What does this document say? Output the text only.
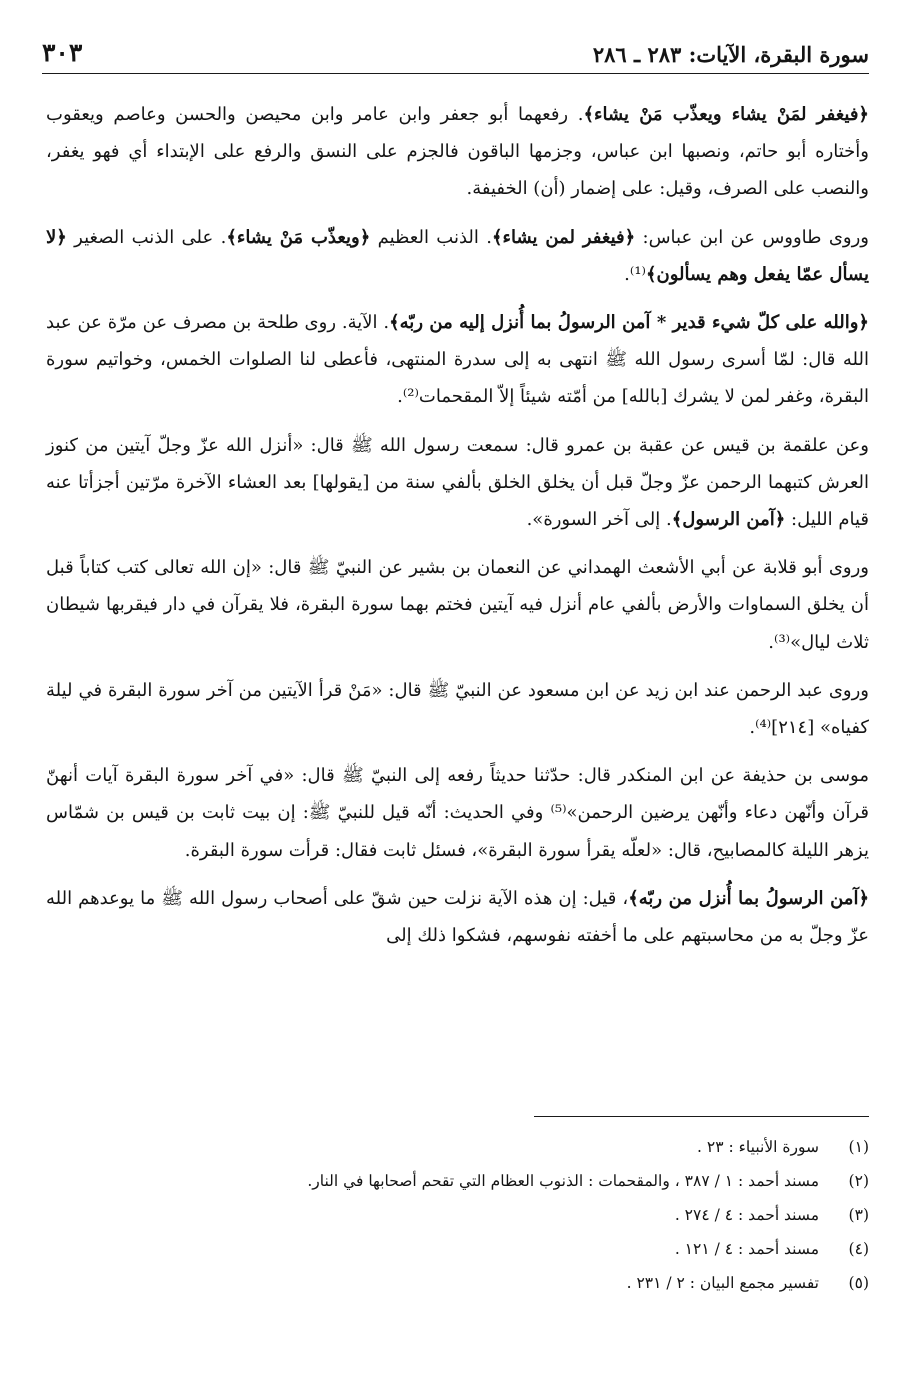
سورة البقرة، الآيات: ٢٨٣ ـ ٢٨٦
٣٠٣

﴿فيغفر لمَنْ يشاء ويعذّب مَنْ يشاء﴾. رفعهما أبو جعفر وابن عامر وابن محيصن والحسن وعاصم ويعقوب وأختاره أبو حاتم، ونصبها ابن عباس، وجزمها الباقون فالجزم على النسق والرفع على الإبتداء أي فهو يغفر، والنصب على الصرف، وقيل: على إضمار (أن) الخفيفة.

وروى طاووس عن ابن عباس: ﴿فيغفر لمن يشاء﴾. الذنب العظيم ﴿ويعذّب مَنْ يشاء﴾. على الذنب الصغير ﴿لا يسأل عمّا يفعل وهم يسألون﴾⁽¹⁾.

﴿والله على كلّ شيء قدير * آمن الرسولُ بما أُنزل إليه من ربّه﴾. الآية. روى طلحة بن مصرف عن مرّة عن عبد الله قال: لمّا أسرى رسول الله ﷺ انتهى به إلى سدرة المنتهى، فأعطى لنا الصلوات الخمس، وخواتيم سورة البقرة، وغفر لمن لا يشرك [بالله] من أمّته شيئاً إلاّ المقحمات⁽²⁾.

وعن علقمة بن قيس عن عقبة بن عمرو قال: سمعت رسول الله ﷺ قال: «أنزل الله عزّ وجلّ آيتين من كنوز العرش كتبهما الرحمن عزّ وجلّ قبل أن يخلق الخلق بألفي سنة من [يقولها] بعد العشاء الآخرة مرّتين أجزأتا عنه قيام الليل: ﴿آمن الرسول﴾. إلى آخر السورة».

وروى أبو قلابة عن أبي الأشعث الهمداني عن النعمان بن بشير عن النبيّ ﷺ قال: «إن الله تعالى كتب كتاباً قبل أن يخلق السماوات والأرض بألفي عام أنزل فيه آيتين فختم بهما سورة البقرة، فلا يقرآن في دار فيقربها شيطان ثلاث ليال»⁽³⁾.

وروى عبد الرحمن عند ابن زيد عن ابن مسعود عن النبيّ ﷺ قال: «مَنْ قرأ الآيتين من آخر سورة البقرة في ليلة كفياه» [٢١٤]⁽⁴⁾.

موسى بن حذيفة عن ابن المنكدر قال: حدّثنا حديثاً رفعه إلى النبيّ ﷺ قال: «في آخر سورة البقرة آيات أنهنّ قرآن وأنّهن دعاء وأنّهن يرضين الرحمن»⁽⁵⁾ وفي الحديث: أنّه قيل للنبيّ ﷺ: إن بيت ثابت بن قيس بن شمّاس يزهر الليلة كالمصابيح، قال: «لعلّه يقرأ سورة البقرة»، فسئل ثابت فقال: قرأت سورة البقرة.

﴿آمن الرسولُ بما أُنزل من ربّه﴾، قيل: إن هذه الآية نزلت حين شقّ على أصحاب رسول الله ﷺ ما يوعدهم الله عزّ وجلّ به من محاسبتهم على ما أخفته نفوسهم، فشكوا ذلك إلى

(١)
سورة الأنبياء : ٢٣ .
(٢)
مسند أحمد : ١ / ٣٨٧ ، والمقحمات : الذنوب العظام التي تقحم أصحابها في النار.
(٣)
مسند أحمد : ٤ / ٢٧٤ .
(٤)
مسند أحمد : ٤ / ١٢١ .
(٥)
تفسير مجمع البيان : ٢ / ٢٣١ .
